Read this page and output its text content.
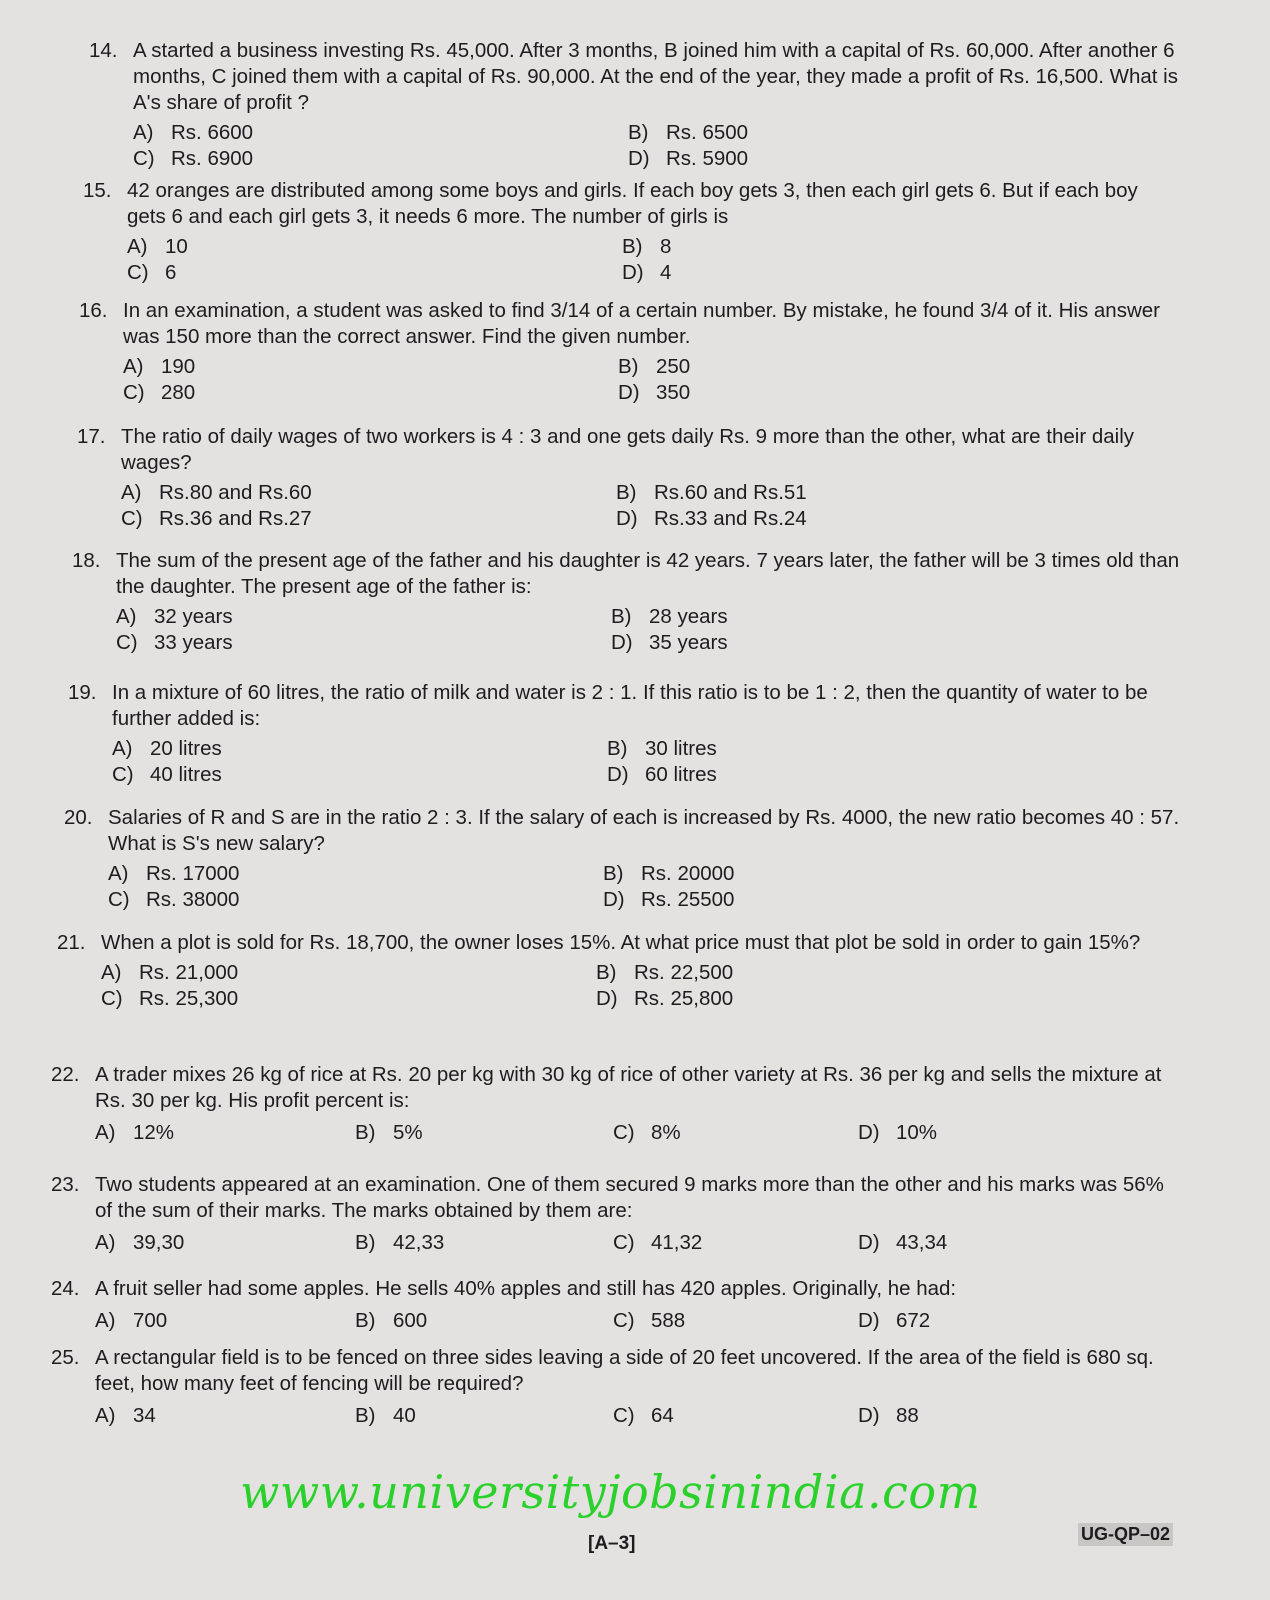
14. A started a business investing Rs. 45,000. After 3 months, B joined him with a capital of Rs. 60,000. After another 6 months, C joined them with a capital of Rs. 90,000. At the end of the year, they made a profit of Rs. 16,500. What is A's share of profit ?

A) Rs. 6600	B) Rs. 6500
C) Rs. 6900	D) Rs. 5900
15. 42 oranges are distributed among some boys and girls. If each boy gets 3, then each girl gets 6. But if each boy gets 6 and each girl gets 3, it needs 6 more. The number of girls is

A) 10	B) 8
C) 6	D) 4
16. In an examination, a student was asked to find 3/14 of a certain number. By mistake, he found 3/4 of it. His answer was 150 more than the correct answer. Find the given number.

A) 190	B) 250
C) 280	D) 350
17. The ratio of daily wages of two workers is 4 : 3 and one gets daily Rs. 9 more than the other, what are their daily wages?

A) Rs.80 and Rs.60	B) Rs.60 and Rs.51
C) Rs.36 and Rs.27	D) Rs.33 and Rs.24
18. The sum of the present age of the father and his daughter is 42 years. 7 years later, the father will be 3 times old than the daughter. The present age of the father is:

A) 32 years	B) 28 years
C) 33 years	D) 35 years
19. In a mixture of 60 litres, the ratio of milk and water is 2 : 1. If this ratio is to be 1 : 2, then the quantity of water to be further added is:

A) 20 litres	B) 30 litres
C) 40 litres	D) 60 litres
20. Salaries of R and S are in the ratio 2 : 3. If the salary of each is increased by Rs. 4000, the new ratio becomes 40 : 57. What is S's new salary?

A) Rs. 17000	B) Rs. 20000
C) Rs. 38000	D) Rs. 25500
21. When a plot is sold for Rs. 18,700, the owner loses 15%. At what price must that plot be sold in order to gain 15%?

A) Rs. 21,000	B) Rs. 22,500
C) Rs. 25,300	D) Rs. 25,800
22. A trader mixes 26 kg of rice at Rs. 20 per kg with 30 kg of rice of other variety at Rs. 36 per kg and sells the mixture at Rs. 30 per kg. His profit percent is:

A) 12%	B) 5%	C) 8%	D) 10%
23. Two students appeared at an examination. One of them secured 9 marks more than the other and his marks was 56% of the sum of their marks. The marks obtained by them are:

A) 39,30	B) 42,33	C) 41,32	D) 43,34
24. A fruit seller had some apples. He sells 40% apples and still has 420 apples. Originally, he had:

A) 700	B) 600	C) 588	D) 672
25. A rectangular field is to be fenced on three sides leaving a side of 20 feet uncovered. If the area of the field is 680 sq. feet, how many feet of fencing will be required?

A) 34	B) 40	C) 64	D) 88
www.universityjobsinindia.com
[A–3]	UG-QP–02
